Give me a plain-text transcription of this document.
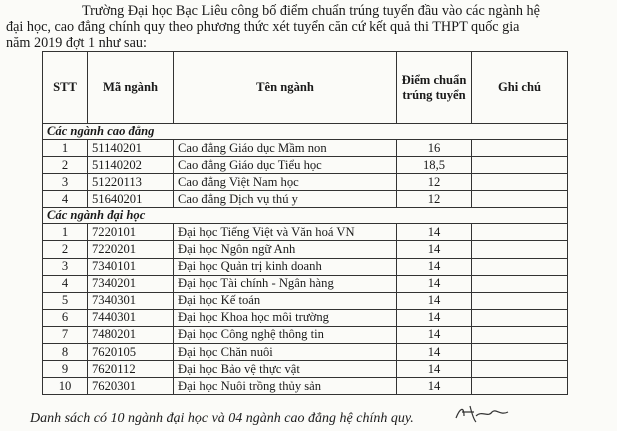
Trường Đại học Bạc Liêu công bố điểm chuẩn trúng tuyển đầu vào các ngành hệ

đại học, cao đẳng chính quy theo phương thức xét tuyển căn cứ kết quả thi THPT quốc gia

năm 2019 đợt 1 như sau:

STT	Mã ngành	Tên ngành	Điểm chuẩn trúng tuyển	Ghi chú
Các ngành cao đẳng				
1	51140201	Cao đẳng Giáo dục Mầm non	16	
2	51140202	Cao đẳng Giáo dục Tiểu học	18,5	
3	51220113	Cao đẳng Việt Nam học	12	
4	51640201	Cao đẳng Dịch vụ thú y	12	
Các ngành đại học				
1	7220101	Đại học Tiếng Việt và Văn hoá VN	14	
2	7220201	Đại học Ngôn ngữ Anh	14	
3	7340101	Đại học Quản trị kinh doanh	14	
4	7340201	Đại học Tài chính - Ngân hàng	14	
5	7340301	Đại học Kế toán	14	
6	7440301	Đại học Khoa học môi trường	14	
7	7480201	Đại học Công nghệ thông tin	14	
8	7620105	Đại học Chăn nuôi	14	
9	7620112	Đại học Bảo vệ thực vật	14	
10	7620301	Đại học Nuôi trồng thủy sản	14	
Danh sách có 10 ngành đại học và 04 ngành cao đẳng hệ chính quy.
